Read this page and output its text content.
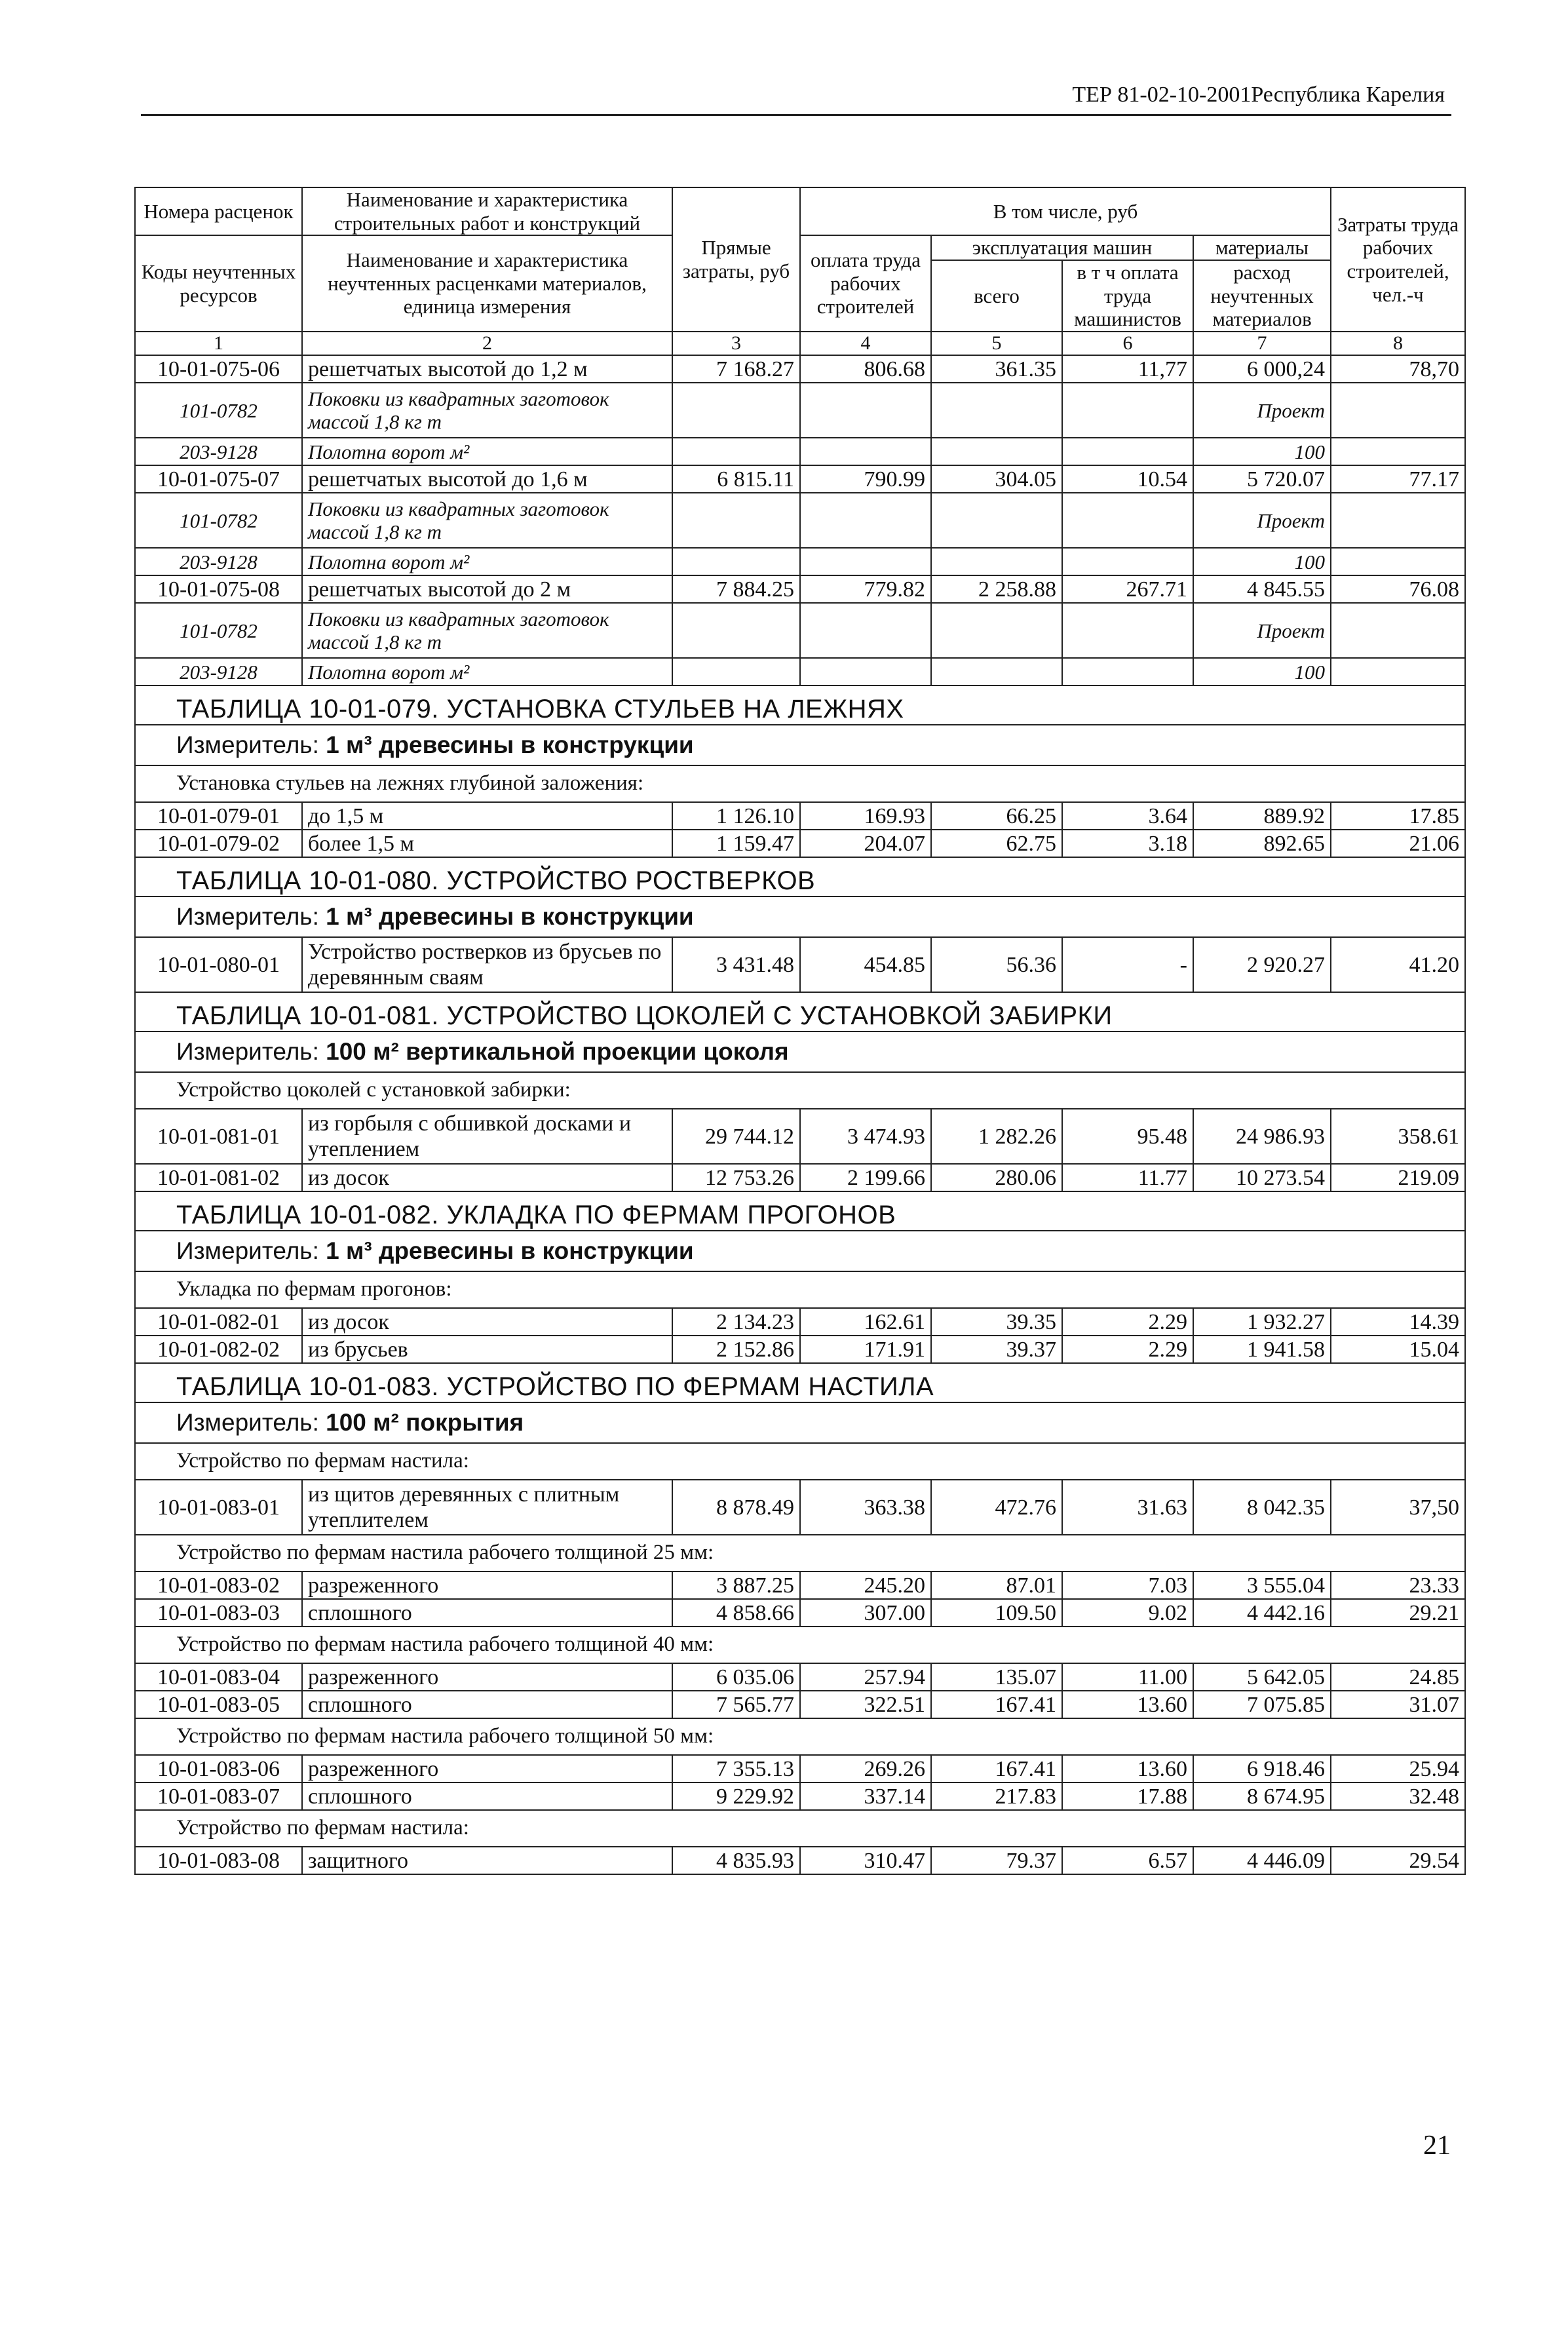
ТЕР 81-02-10-2001Республика Карелия
Номера расценок	Наименование и характеристика строительных работ и конструкций	Прямые затраты, руб	В том числе, руб				Затраты труда рабочих строителей, чел.-ч
Коды неучтенных ресурсов	Наименование и характеристика неучтенных расценками материалов, единица измерения		оплата труда рабочих строителей	эксплуатация машин		материалы	
				всего	в т ч оплата труда машинистов	расход неучтенных материалов	
1	2	3	4	5	6	7	8
10-01-075-06	решетчатых высотой до 1,2 м	7 168.27	806.68	361.35	11,77	6 000,24	78,70
101-0782	Поковки из квадратных заготовок массой 1,8 кг т					Проект	
203-9128	Полотна ворот м²					100	
10-01-075-07	решетчатых высотой до 1,6 м	6 815.11	790.99	304.05	10.54	5 720.07	77.17
101-0782	Поковки из квадратных заготовок массой 1,8 кг т					Проект	
203-9128	Полотна ворот м²					100	
10-01-075-08	решетчатых высотой до 2 м	7 884.25	779.82	2 258.88	267.71	4 845.55	76.08
101-0782	Поковки из квадратных заготовок массой 1,8 кг т					Проект	
203-9128	Полотна ворот м²					100	
ТАБЛИЦА 10-01-079. УСТАНОВКА СТУЛЬЕВ НА ЛЕЖНЯХ							
Измеритель: 1 м³ древесины в конструкции							
Установка стульев на лежнях глубиной заложения:							
10-01-079-01	до 1,5 м	1 126.10	169.93	66.25	3.64	889.92	17.85
10-01-079-02	более 1,5 м	1 159.47	204.07	62.75	3.18	892.65	21.06
ТАБЛИЦА 10-01-080. УСТРОЙСТВО РОСТВЕРКОВ							
Измеритель: 1 м³ древесины в конструкции							
10-01-080-01	Устройство ростверков из брусьев по деревянным сваям	3 431.48	454.85	56.36	-	2 920.27	41.20
ТАБЛИЦА 10-01-081. УСТРОЙСТВО ЦОКОЛЕЙ С УСТАНОВКОЙ ЗАБИРКИ							
Измеритель: 100 м² вертикальной проекции цоколя							
Устройство цоколей с установкой забирки:							
10-01-081-01	из горбыля с обшивкой досками и утеплением	29 744.12	3 474.93	1 282.26	95.48	24 986.93	358.61
10-01-081-02	из досок	12 753.26	2 199.66	280.06	11.77	10 273.54	219.09
ТАБЛИЦА 10-01-082. УКЛАДКА ПО ФЕРМАМ ПРОГОНОВ							
Измеритель: 1 м³ древесины в конструкции							
Укладка по фермам прогонов:							
10-01-082-01	из досок	2 134.23	162.61	39.35	2.29	1 932.27	14.39
10-01-082-02	из брусьев	2 152.86	171.91	39.37	2.29	1 941.58	15.04
ТАБЛИЦА 10-01-083. УСТРОЙСТВО ПО ФЕРМАМ НАСТИЛА							
Измеритель: 100 м² покрытия							
Устройство по фермам настила:							
10-01-083-01	из щитов деревянных с плитным утеплителем	8 878.49	363.38	472.76	31.63	8 042.35	37,50
Устройство по фермам настила рабочего толщиной 25 мм:							
10-01-083-02	разреженного	3 887.25	245.20	87.01	7.03	3 555.04	23.33
10-01-083-03	сплошного	4 858.66	307.00	109.50	9.02	4 442.16	29.21
Устройство по фермам настила рабочего толщиной 40 мм:							
10-01-083-04	разреженного	6 035.06	257.94	135.07	11.00	5 642.05	24.85
10-01-083-05	сплошного	7 565.77	322.51	167.41	13.60	7 075.85	31.07
Устройство по фермам настила рабочего толщиной 50 мм:							
10-01-083-06	разреженного	7 355.13	269.26	167.41	13.60	6 918.46	25.94
10-01-083-07	сплошного	9 229.92	337.14	217.83	17.88	8 674.95	32.48
Устройство по фермам настила:							
10-01-083-08	защитного	4 835.93	310.47	79.37	6.57	4 446.09	29.54
21
